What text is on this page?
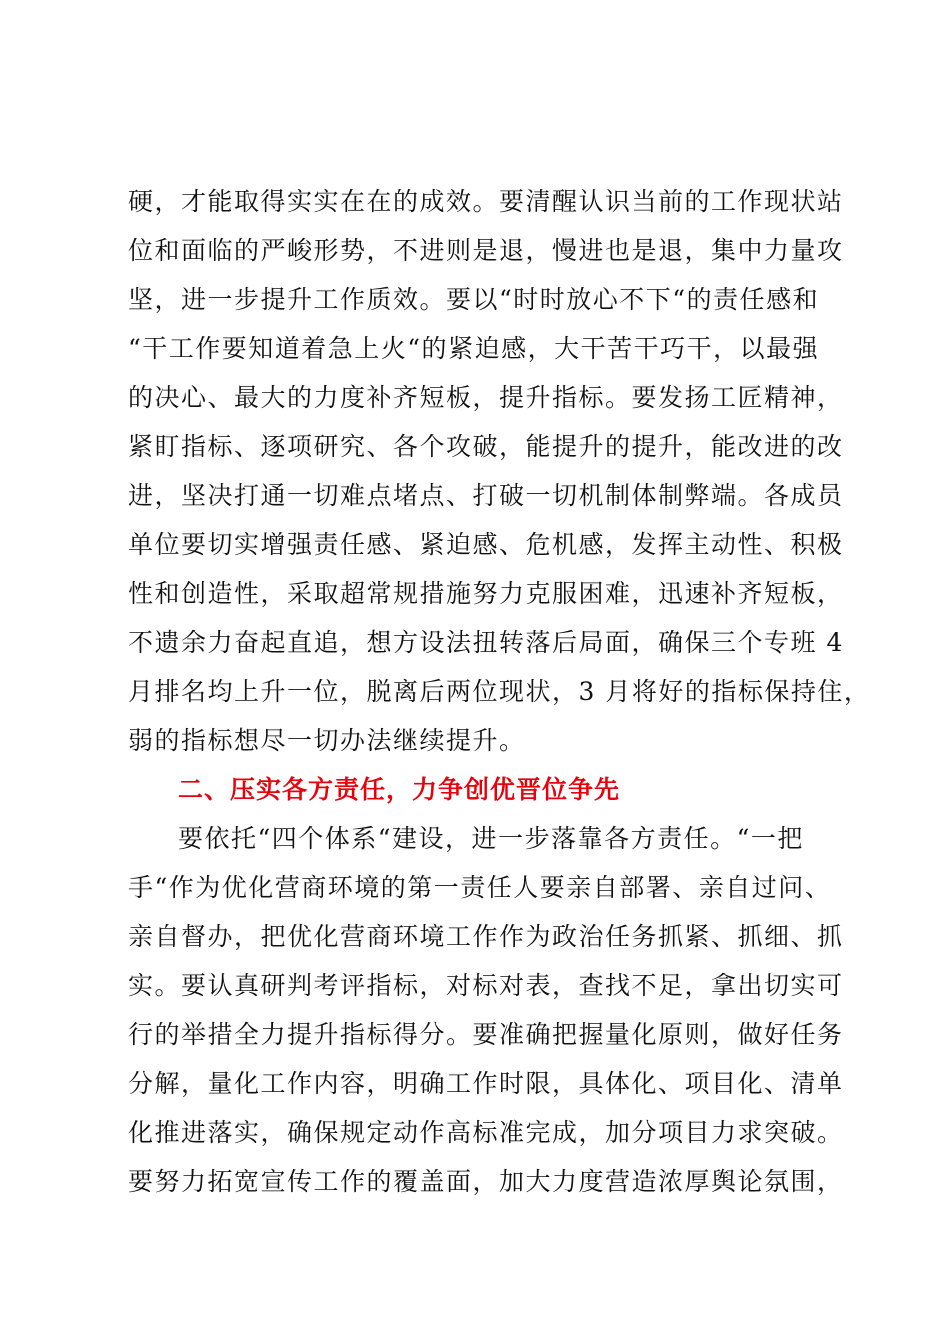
硬，才能取得实实在在的成效。要清醒认识当前的工作现状站
位和面临的严峻形势，不进则是退，慢进也是退，集中力量攻
坚，进一步提升工作质效。要以“时时放心不下“的责任感和
“干工作要知道着急上火“的紧迫感，大干苦干巧干，以最强
的决心、最大的力度补齐短板，提升指标。要发扬工匠精神，
紧盯指标、逐项研究、各个攻破，能提升的提升，能改进的改
进，坚决打通一切难点堵点、打破一切机制体制弊端。各成员
单位要切实增强责任感、紧迫感、危机感，发挥主动性、积极
性和创造性，采取超常规措施努力克服困难，迅速补齐短板，
不遗余力奋起直追，想方设法扭转落后局面，确保三个专班 4
月排名均上升一位，脱离后两位现状，3 月将好的指标保持住，
弱的指标想尽一切办法继续提升。
二、压实各方责任，力争创优晋位争先
要依托“四个体系“建设，进一步落靠各方责任。“一把
手“作为优化营商环境的第一责任人要亲自部署、亲自过问、
亲自督办，把优化营商环境工作作为政治任务抓紧、抓细、抓
实。要认真研判考评指标，对标对表，查找不足，拿出切实可
行的举措全力提升指标得分。要准确把握量化原则，做好任务
分解，量化工作内容，明确工作时限，具体化、项目化、清单
化推进落实，确保规定动作高标准完成，加分项目力求突破。
要努力拓宽宣传工作的覆盖面，加大力度营造浓厚舆论氛围，
